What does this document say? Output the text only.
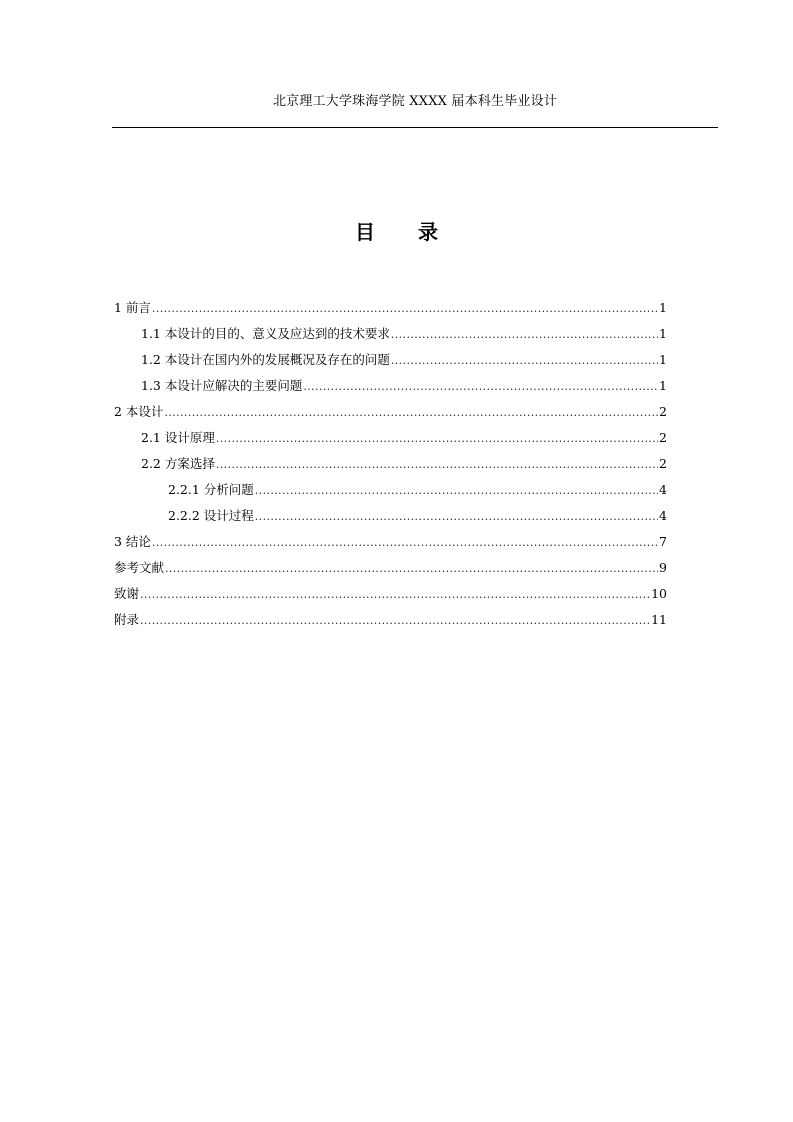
北京理工大学珠海学院 XXXX 届本科生毕业设计
目 录
1 前言 .....	1
1.1 本设计的目的、意义及应达到的技术要求 .....	1
1.2 本设计在国内外的发展概况及存在的问题 .....	1
1.3 本设计应解决的主要问题 .....	1
2 本设计 .....	2
2.1 设计原理 .....	2
2.2 方案选择 .....	2
2.2.1 分析问题 .....	4
2.2.2 设计过程 .....	4
3 结论 .....	7
参考文献 .....	9
致谢 .....	10
附录 .....	11
